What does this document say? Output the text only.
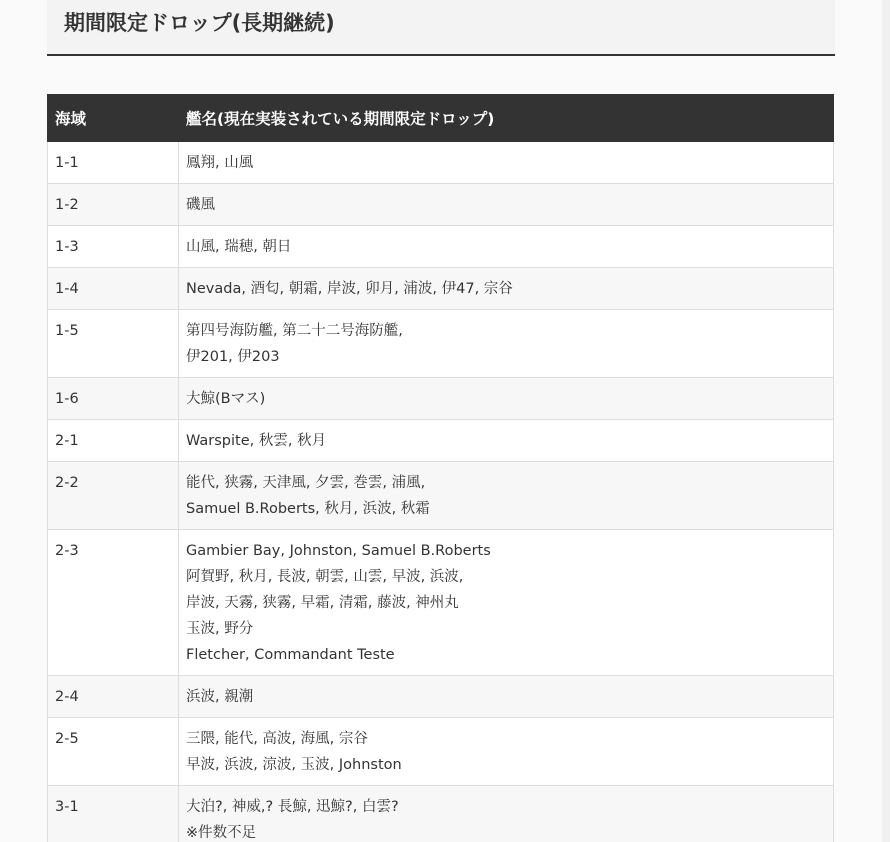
期間限定ドロップ(長期継続)
海域	艦名(現在実装されている期間限定ドロップ)
1-1	鳳翔, 山風

1-2	磯風

1-3	山風, 瑞穂, 朝日

1-4	Nevada, 酒匂, 朝霜, 岸波, 卯月, 浦波, 伊47, 宗谷

1-5	第四号海防艦, 第二十二号海防艦,
伊201, 伊203

1-6	大鯨(Bマス)

2-1	Warspite, 秋雲, 秋月

2-2	能代, 狭霧, 天津風, 夕雲, 巻雲, 浦風,
Samuel B.Roberts, 秋月, 浜波, 秋霜

2-3	Gambier Bay, Johnston, Samuel B.Roberts
阿賀野, 秋月, 長波, 朝雲, 山雲, 早波, 浜波,
岸波, 天霧, 狭霧, 早霜, 清霜, 藤波, 神州丸
玉波, 野分
Fletcher, Commandant Teste

2-4	浜波, 親潮

2-5	三隈, 能代, 高波, 海風, 宗谷
早波, 浜波, 涼波, 玉波, Johnston

3-1	大泊?, 神威,? 長鯨, 迅鯨?, 白雲?
※件数不足
